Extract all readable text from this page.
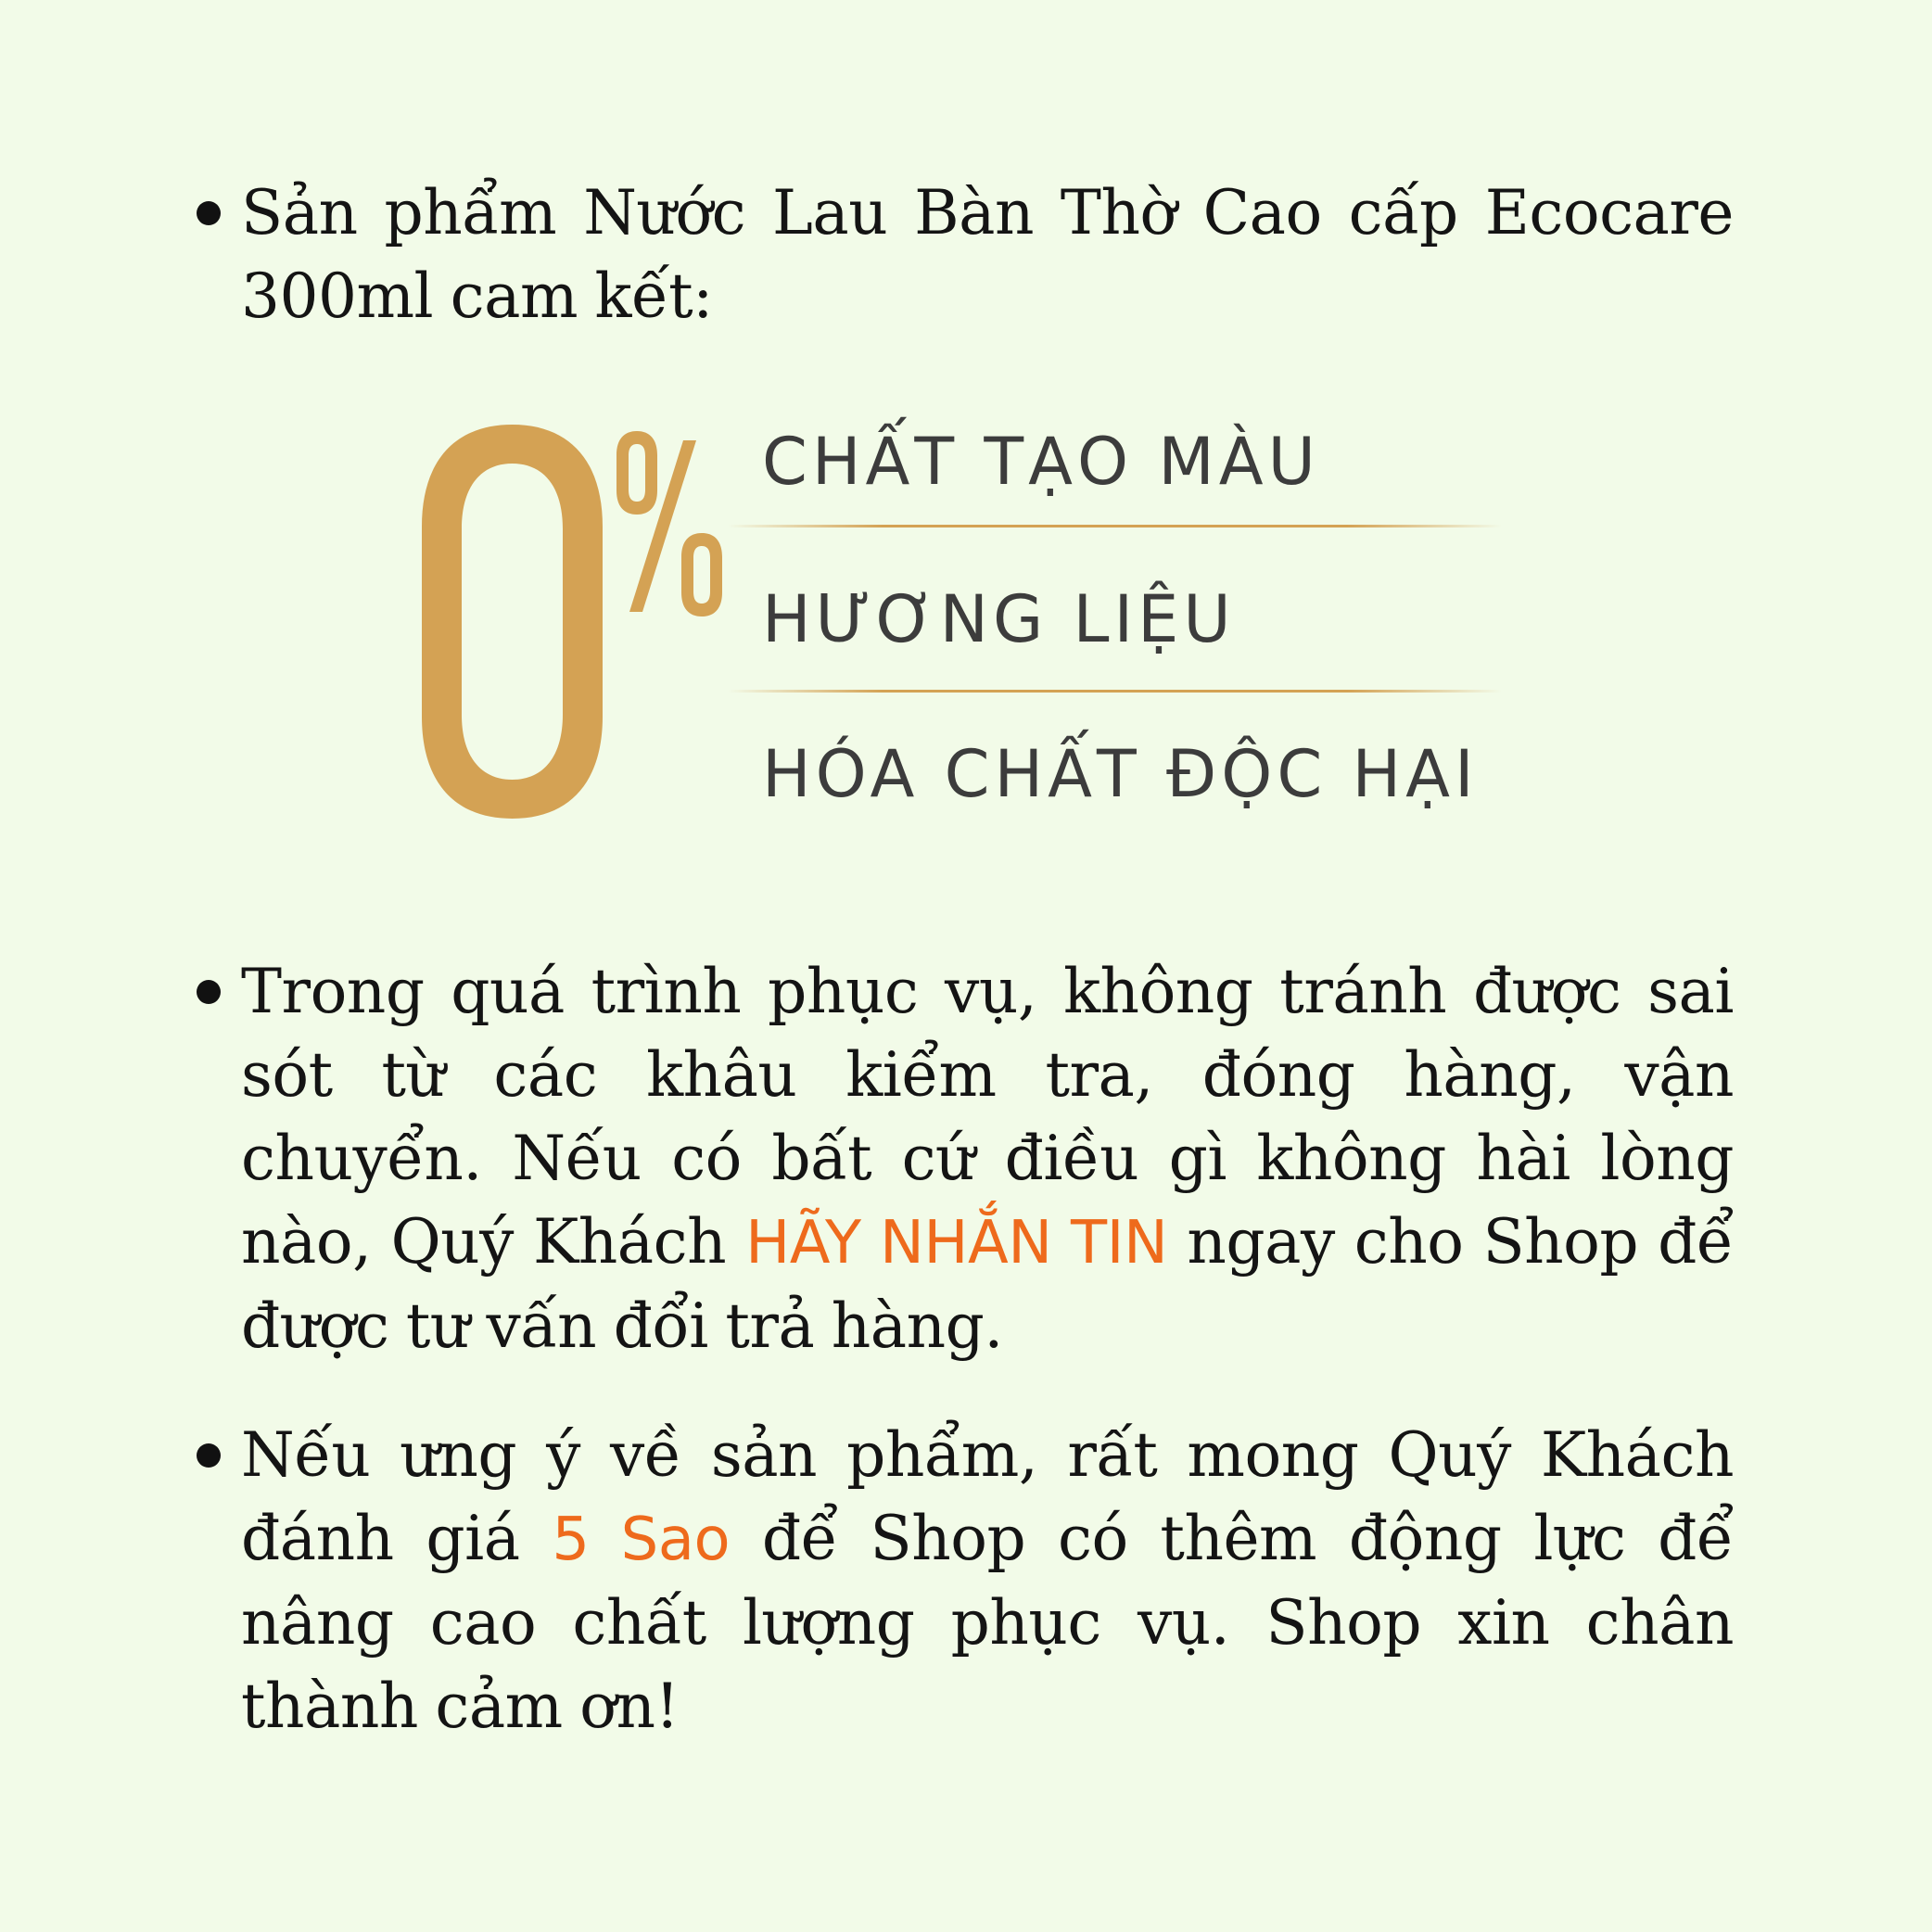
Sản phẩm Nước Lau Bàn Thờ Cao cấp Ecocare 300ml cam kết:
CHẤT TẠO MÀU
HƯƠNG LIỆU
HÓA CHẤT ĐỘC HẠI
Trong quá trình phục vụ, không tránh được sai sót từ các khâu kiểm tra, đóng hàng, vận chuyển. Nếu có bất cứ điều gì không hài lòng nào, Quý Khách HÃY NHẮN TIN ngay cho Shop để được tư vấn đổi trả hàng.
Nếu ưng ý về sản phẩm, rất mong Quý Khách đánh giá 5 Sao để Shop có thêm động lực để nâng cao chất lượng phục vụ. Shop xin chân thành cảm ơn!
